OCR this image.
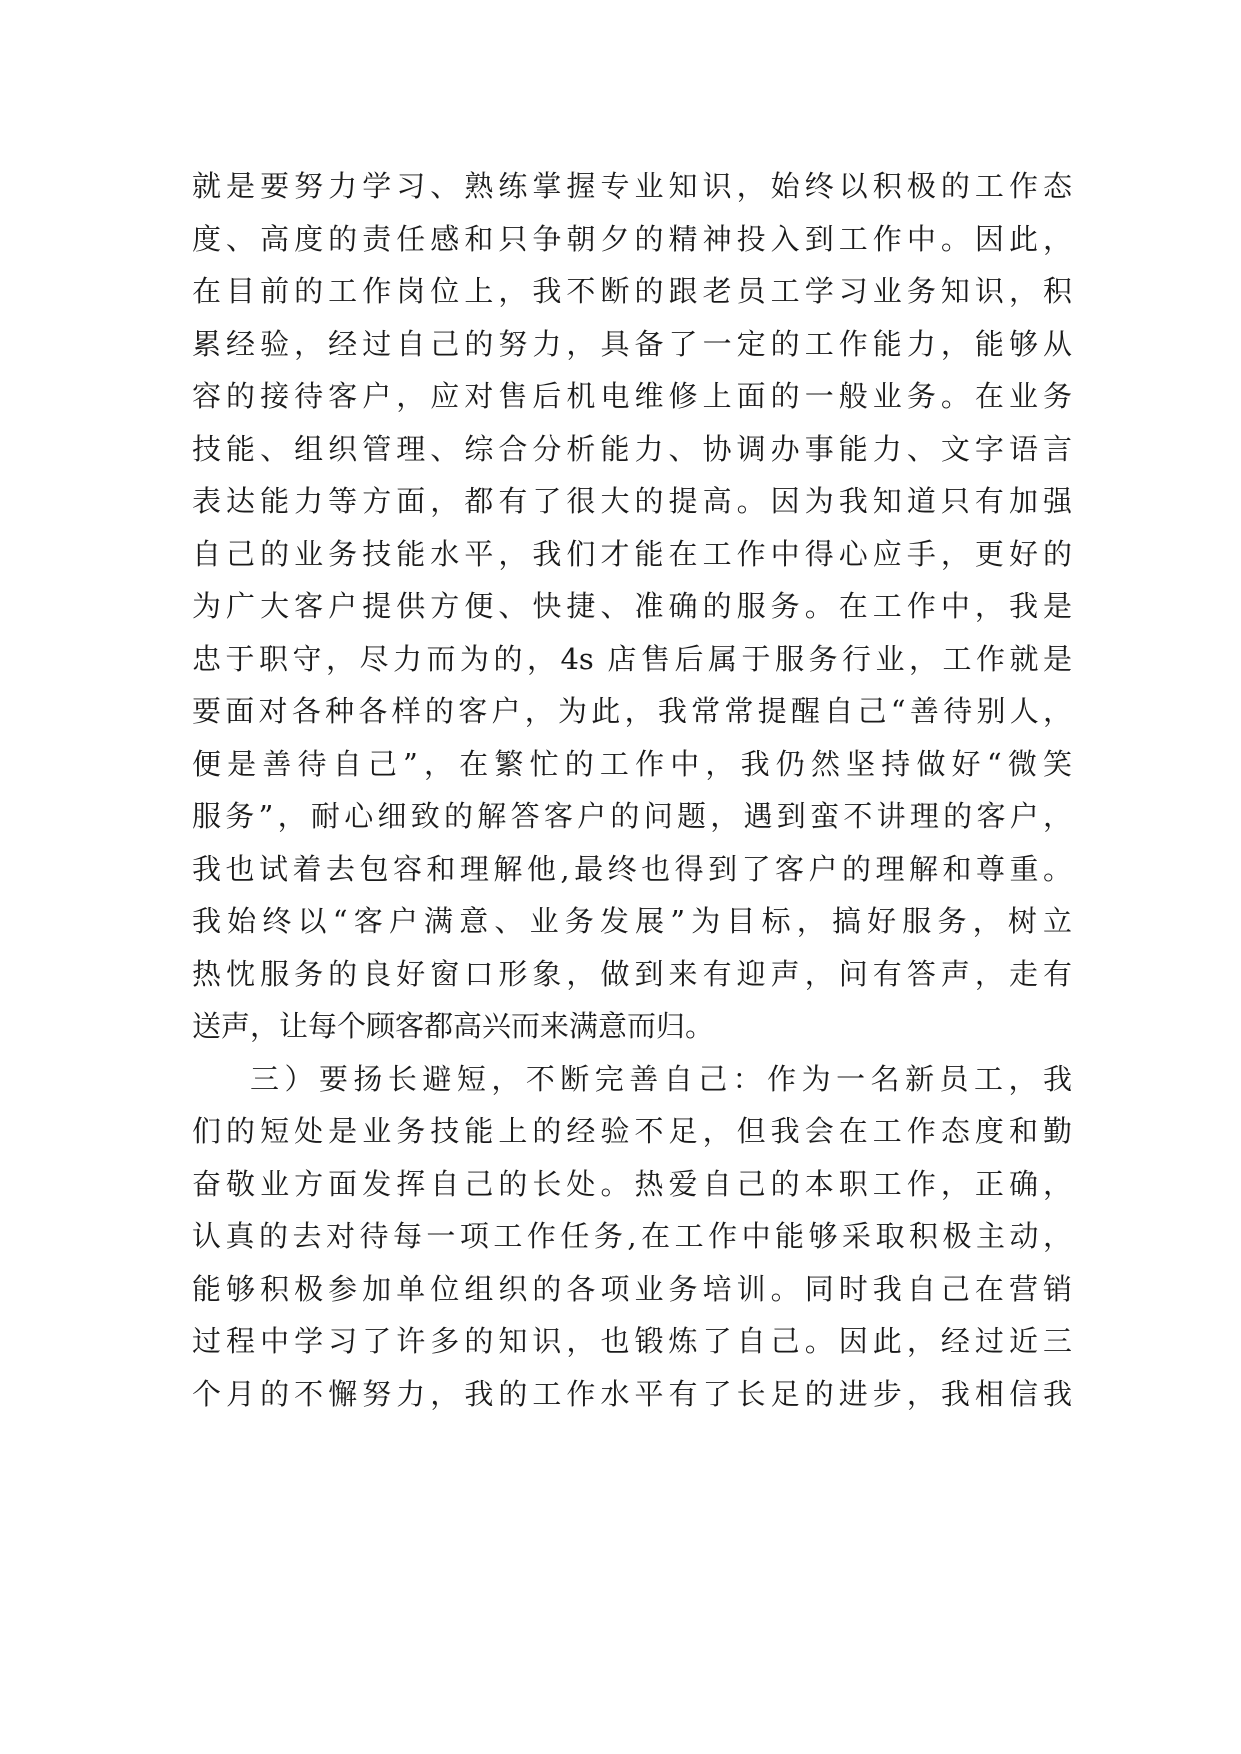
就是要努力学习、熟练掌握专业知识，始终以积极的工作态
度、高度的责任感和只争朝夕的精神投入到工作中。因此，
在目前的工作岗位上，我不断的跟老员工学习业务知识，积
累经验，经过自己的努力，具备了一定的工作能力，能够从
容的接待客户，应对售后机电维修上面的一般业务。在业务
技能、组织管理、综合分析能力、协调办事能力、文字语言
表达能力等方面，都有了很大的提高。因为我知道只有加强
自己的业务技能水平，我们才能在工作中得心应手，更好的
为广大客户提供方便、快捷、准确的服务。在工作中，我是
忠于职守，尽力而为的，4s 店售后属于服务行业，工作就是
要面对各种各样的客户，为此，我常常提醒自己“善待别人，
便是善待自己”，在繁忙的工作中，我仍然坚持做好“微笑
服务”，耐心细致的解答客户的问题，遇到蛮不讲理的客户，
我也试着去包容和理解他,最终也得到了客户的理解和尊重。
我始终以“客户满意、业务发展”为目标，搞好服务，树立
热忱服务的良好窗口形象，做到来有迎声，问有答声，走有
送声，让每个顾客都高兴而来满意而归。
三）要扬长避短，不断完善自己：作为一名新员工，我
们的短处是业务技能上的经验不足，但我会在工作态度和勤
奋敬业方面发挥自己的长处。热爱自己的本职工作，正确，
认真的去对待每一项工作任务,在工作中能够采取积极主动，
能够积极参加单位组织的各项业务培训。同时我自己在营销
过程中学习了许多的知识，也锻炼了自己。因此，经过近三
个月的不懈努力，我的工作水平有了长足的进步，我相信我
